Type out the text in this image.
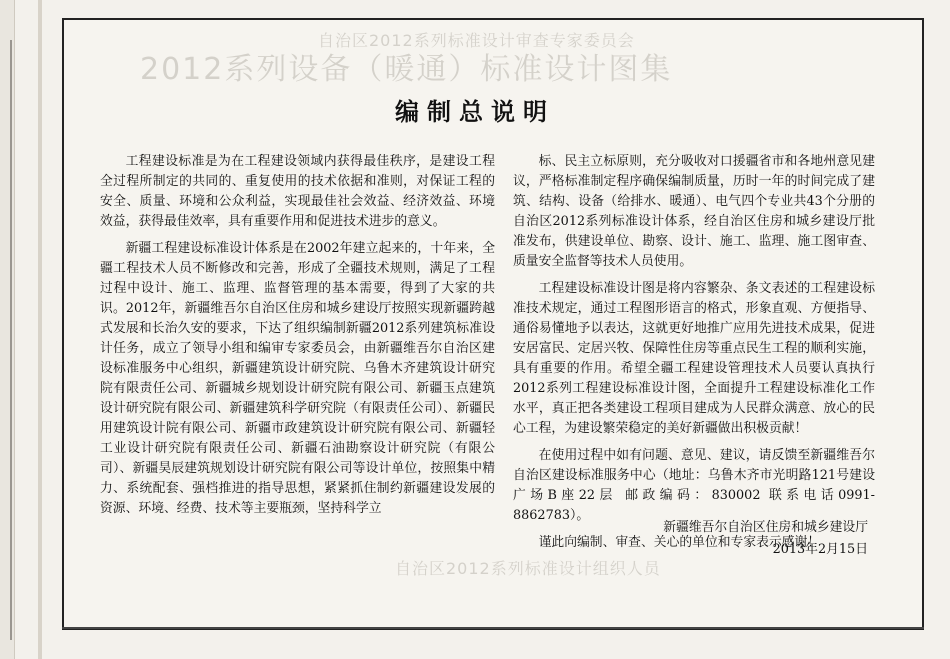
自治区2012系列标准设计审查专家委员会
2012系列设备（暖通）标准设计图集
自治区2012系列标准设计组织人员
编制总说明

工程建设标准是为在工程建设领域内获得最佳秩序，是建设工程全过程所制定的共同的、重复使用的技术依据和准则，对保证工程的安全、质量、环境和公众利益，实现最佳社会效益、经济效益、环境效益，获得最佳效率，具有重要作用和促进技术进步的意义。

新疆工程建设标准设计体系是在2002年建立起来的，十年来，全疆工程技术人员不断修改和完善，形成了全疆技术规则，满足了工程过程中设计、施工、监理、监督管理的基本需要，得到了大家的共识。2012年，新疆维吾尔自治区住房和城乡建设厅按照实现新疆跨越式发展和长治久安的要求，下达了组织编制新疆2012系列建筑标准设计任务，成立了领导小组和编审专家委员会，由新疆维吾尔自治区建设标准服务中心组织，新疆建筑设计研究院、乌鲁木齐建筑设计研究院有限责任公司、新疆城乡规划设计研究院有限公司、新疆玉点建筑设计研究院有限公司、新疆建筑科学研究院（有限责任公司）、新疆民用建筑设计院有限公司、新疆市政建筑设计研究院有限公司、新疆轻工业设计研究院有限责任公司、新疆石油勘察设计研究院（有限公司）、新疆昊辰建筑规划设计研究院有限公司等设计单位，按照集中精力、系统配套、强档推进的指导思想，紧紧抓住制约新疆建设发展的资源、环境、经费、技术等主要瓶颈，坚持科学立

标、民主立标原则，充分吸收对口援疆省市和各地州意见建议，严格标准制定程序确保编制质量，历时一年的时间完成了建筑、结构、设备（给排水、暖通）、电气四个专业共43个分册的自治区2012系列标准设计体系，经自治区住房和城乡建设厅批准发布，供建设单位、勘察、设计、施工、监理、施工图审查、质量安全监督等技术人员使用。

工程建设标准设计图是将内容繁杂、条文表述的工程建设标准技术规定，通过工程图形语言的格式，形象直观、方便指导、通俗易懂地予以表达，这就更好地推广应用先进技术成果，促进安居富民、定居兴牧、保障性住房等重点民生工程的顺利实施，具有重要的作用。希望全疆工程建设管理技术人员要认真执行2012系列工程建设标准设计图，全面提升工程建设标准化工作水平，真正把各类建设工程项目建成为人民群众满意、放心的民心工程，为建设繁荣稳定的美好新疆做出积极贡献！

在使用过程中如有问题、意见、建议，请反馈至新疆维吾尔自治区建设标准服务中心（地址：乌鲁木齐市光明路121号建设广场B座22层 邮政编码：830002 联系电话0991-8862783）。

谨此向编制、审查、关心的单位和专家表示感谢！

新疆维吾尔自治区住房和城乡建设厅
2013年2月15日
